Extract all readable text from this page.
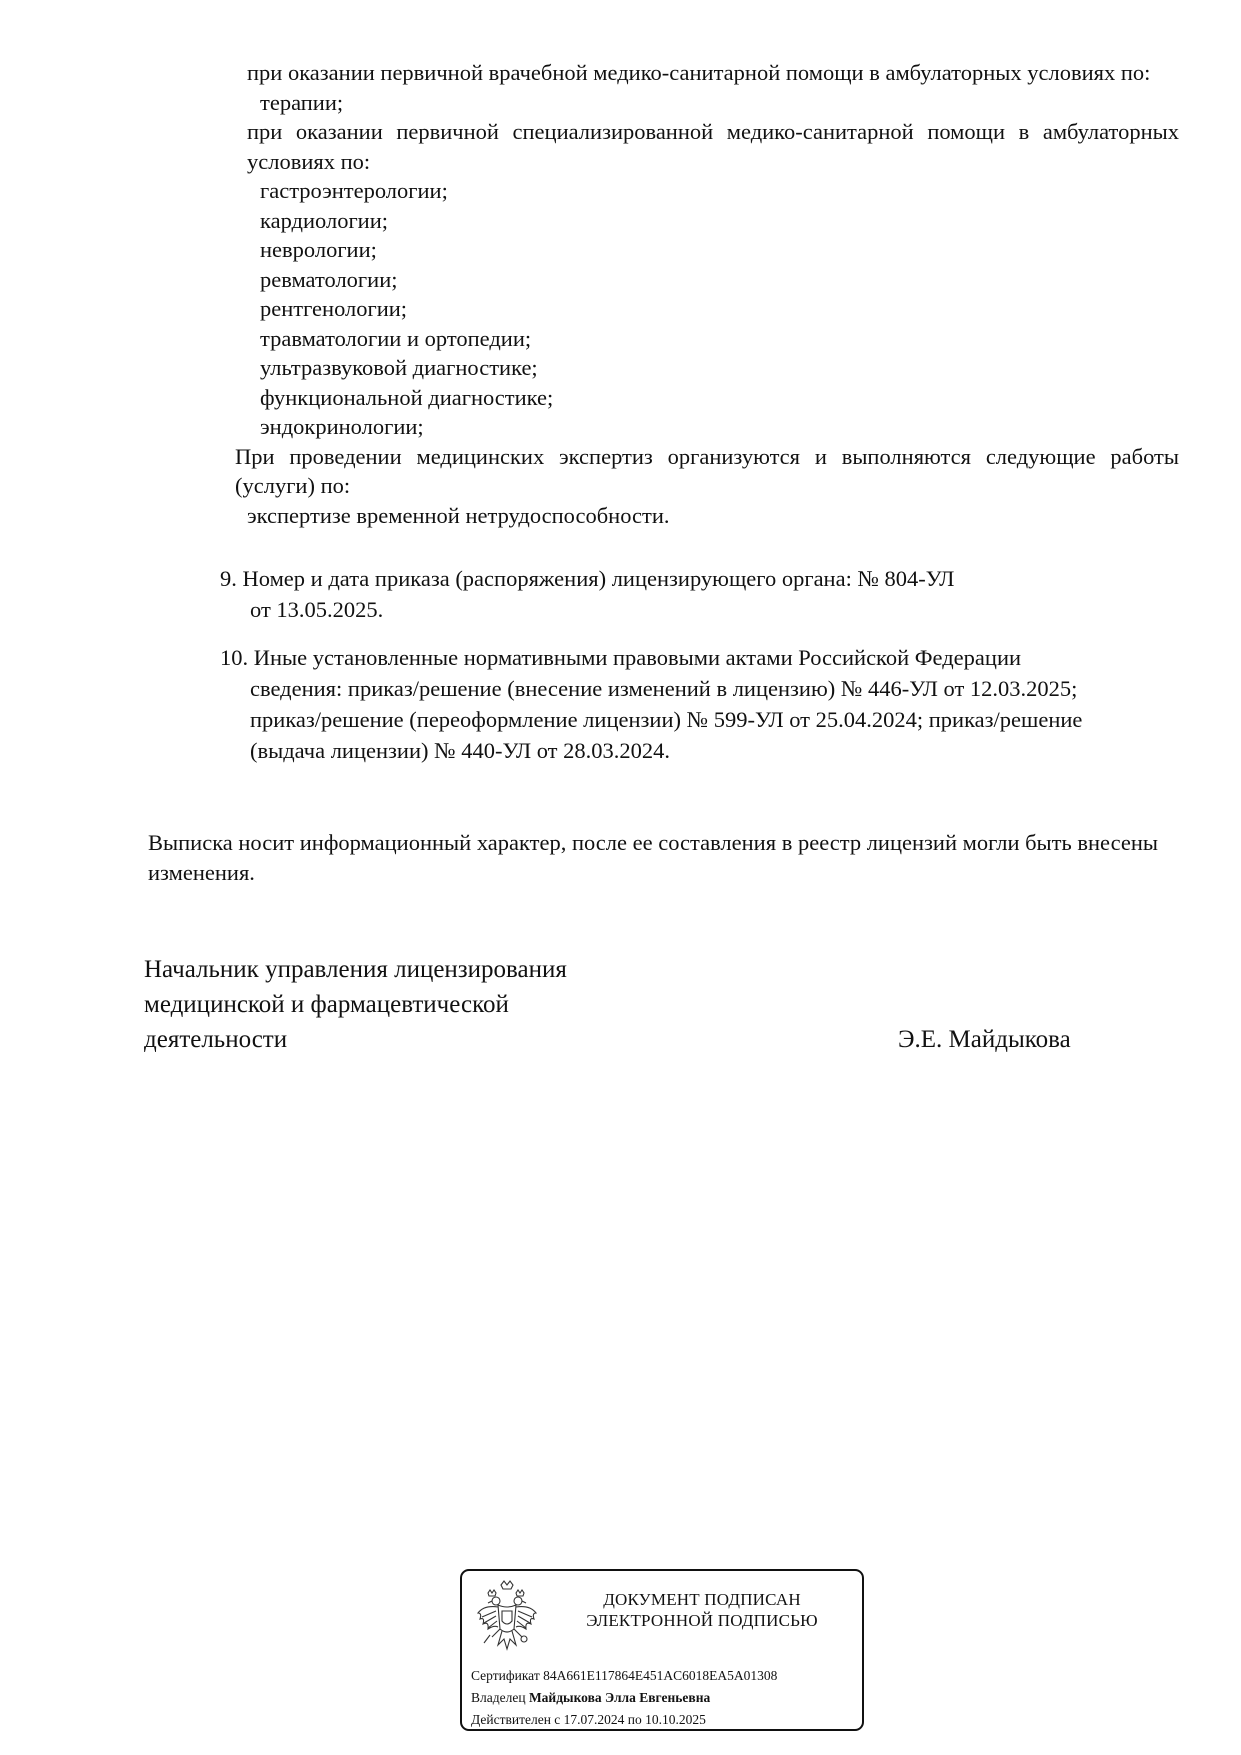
при оказании первичной врачебной медико-санитарной помощи в амбулаторных условиях по:
терапии;
при оказании первичной специализированной медико-санитарной помощи в амбулаторных условиях по:
гастроэнтерологии;
кардиологии;
неврологии;
ревматологии;
рентгенологии;
травматологии и ортопедии;
ультразвуковой диагностике;
функциональной диагностике;
эндокринологии;
При проведении медицинских экспертиз организуются и выполняются следующие работы (услуги) по:
экспертизе временной нетрудоспособности.
9. Номер и дата приказа (распоряжения) лицензирующего органа: № 804-УЛ
от 13.05.2025.
10. Иные установленные нормативными правовыми актами Российской Федерации
сведения: приказ/решение (внесение изменений в лицензию) № 446-УЛ от 12.03.2025;
приказ/решение (переоформление лицензии) № 599-УЛ от 25.04.2024; приказ/решение
(выдача лицензии) № 440-УЛ от 28.03.2024.
Выписка носит информационный характер, после ее составления в реестр лицензий могли быть внесены изменения.
Начальник управления лицензирования
медицинской и фармацевтической
деятельности	Э.Е. Майдыкова
ДОКУМЕНТ ПОДПИСАН
ЭЛЕКТРОННОЙ ПОДПИСЬЮ
Сертификат 84A661E117864E451AC6018EA5A01308
Владелец Майдыкова Элла Евгеньевна
Действителен с 17.07.2024 по 10.10.2025
